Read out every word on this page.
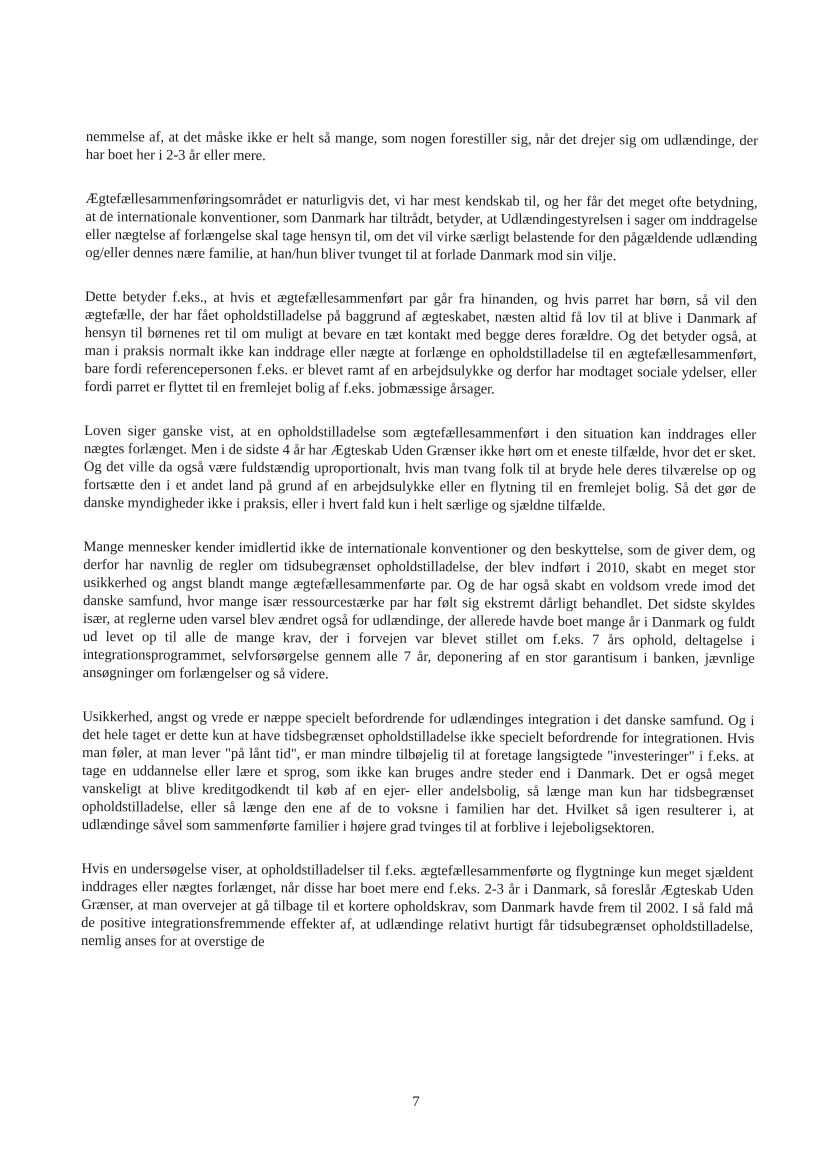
nemmelse af, at det måske ikke er helt så mange, som nogen forestiller sig, når det drejer sig om udlændinge, der har boet her i 2-3 år eller mere.

Ægtefællesammenføringsområdet er naturligvis det, vi har mest kendskab til, og her får det meget ofte betydning, at de internationale konventioner, som Danmark har tiltrådt, betyder, at Udlændingestyrelsen i sager om inddragelse eller nægtelse af forlængelse skal tage hensyn til, om det vil virke særligt belastende for den pågældende udlænding og/eller dennes nære familie, at han/hun bliver tvunget til at forlade Danmark mod sin vilje.

Dette betyder f.eks., at hvis et ægtefællesammenført par går fra hinanden, og hvis parret har børn, så vil den ægtefælle, der har fået opholdstilladelse på baggrund af ægteskabet, næsten altid få lov til at blive i Danmark af hensyn til børnenes ret til om muligt at bevare en tæt kontakt med begge deres forældre. Og det betyder også, at man i praksis normalt ikke kan inddrage eller nægte at forlænge en opholdstilladelse til en ægtefællesammenført, bare fordi referencepersonen f.eks. er blevet ramt af en arbejdsulykke og derfor har modtaget sociale ydelser, eller fordi parret er flyttet til en fremlejet bolig af f.eks. jobmæssige årsager.

Loven siger ganske vist, at en opholdstilladelse som ægtefællesammenført i den situation kan inddrages eller nægtes forlænget. Men i de sidste 4 år har Ægteskab Uden Grænser ikke hørt om et eneste tilfælde, hvor det er sket. Og det ville da også være fuldstændig uproportionalt, hvis man tvang folk til at bryde hele deres tilværelse op og fortsætte den i et andet land på grund af en arbejdsulykke eller en flytning til en fremlejet bolig. Så det gør de danske myndigheder ikke i praksis, eller i hvert fald kun i helt særlige og sjældne tilfælde.

Mange mennesker kender imidlertid ikke de internationale konventioner og den beskyttelse, som de giver dem, og derfor har navnlig de regler om tidsubegrænset opholdstilladelse, der blev indført i 2010, skabt en meget stor usikkerhed og angst blandt mange ægtefællesammenførte par. Og de har også skabt en voldsom vrede imod det danske samfund, hvor mange især ressourcestærke par har følt sig ekstremt dårligt behandlet. Det sidste skyldes især, at reglerne uden varsel blev ændret også for udlændinge, der allerede havde boet mange år i Danmark og fuldt ud levet op til alle de mange krav, der i forvejen var blevet stillet om f.eks. 7 års ophold, deltagelse i integrationsprogrammet, selvforsørgelse gennem alle 7 år, deponering af en stor garantisum i banken, jævnlige ansøgninger om forlængelser og så videre.

Usikkerhed, angst og vrede er næppe specielt befordrende for udlændinges integration i det danske samfund. Og i det hele taget er dette kun at have tidsbegrænset opholdstilladelse ikke specielt befordrende for integrationen. Hvis man føler, at man lever "på lånt tid", er man mindre tilbøjelig til at foretage langsigtede "investeringer" i f.eks. at tage en uddannelse eller lære et sprog, som ikke kan bruges andre steder end i Danmark. Det er også meget vanskeligt at blive kreditgodkendt til køb af en ejer- eller andelsbolig, så længe man kun har tidsbegrænset opholdstilladelse, eller så længe den ene af de to voksne i familien har det. Hvilket så igen resulterer i, at udlændinge såvel som sammenførte familier i højere grad tvinges til at forblive i lejeboligsektoren.

Hvis en undersøgelse viser, at opholdstilladelser til f.eks. ægtefællesammenførte og flygtninge kun meget sjældent inddrages eller nægtes forlænget, når disse har boet mere end f.eks. 2-3 år i Danmark, så foreslår Ægteskab Uden Grænser, at man overvejer at gå tilbage til et kortere opholdskrav, som Danmark havde frem til 2002. I så fald må de positive integrationsfremmende effekter af, at udlændinge relativt hurtigt får tidsubegrænset opholdstilladelse, nemlig anses for at overstige de

7
